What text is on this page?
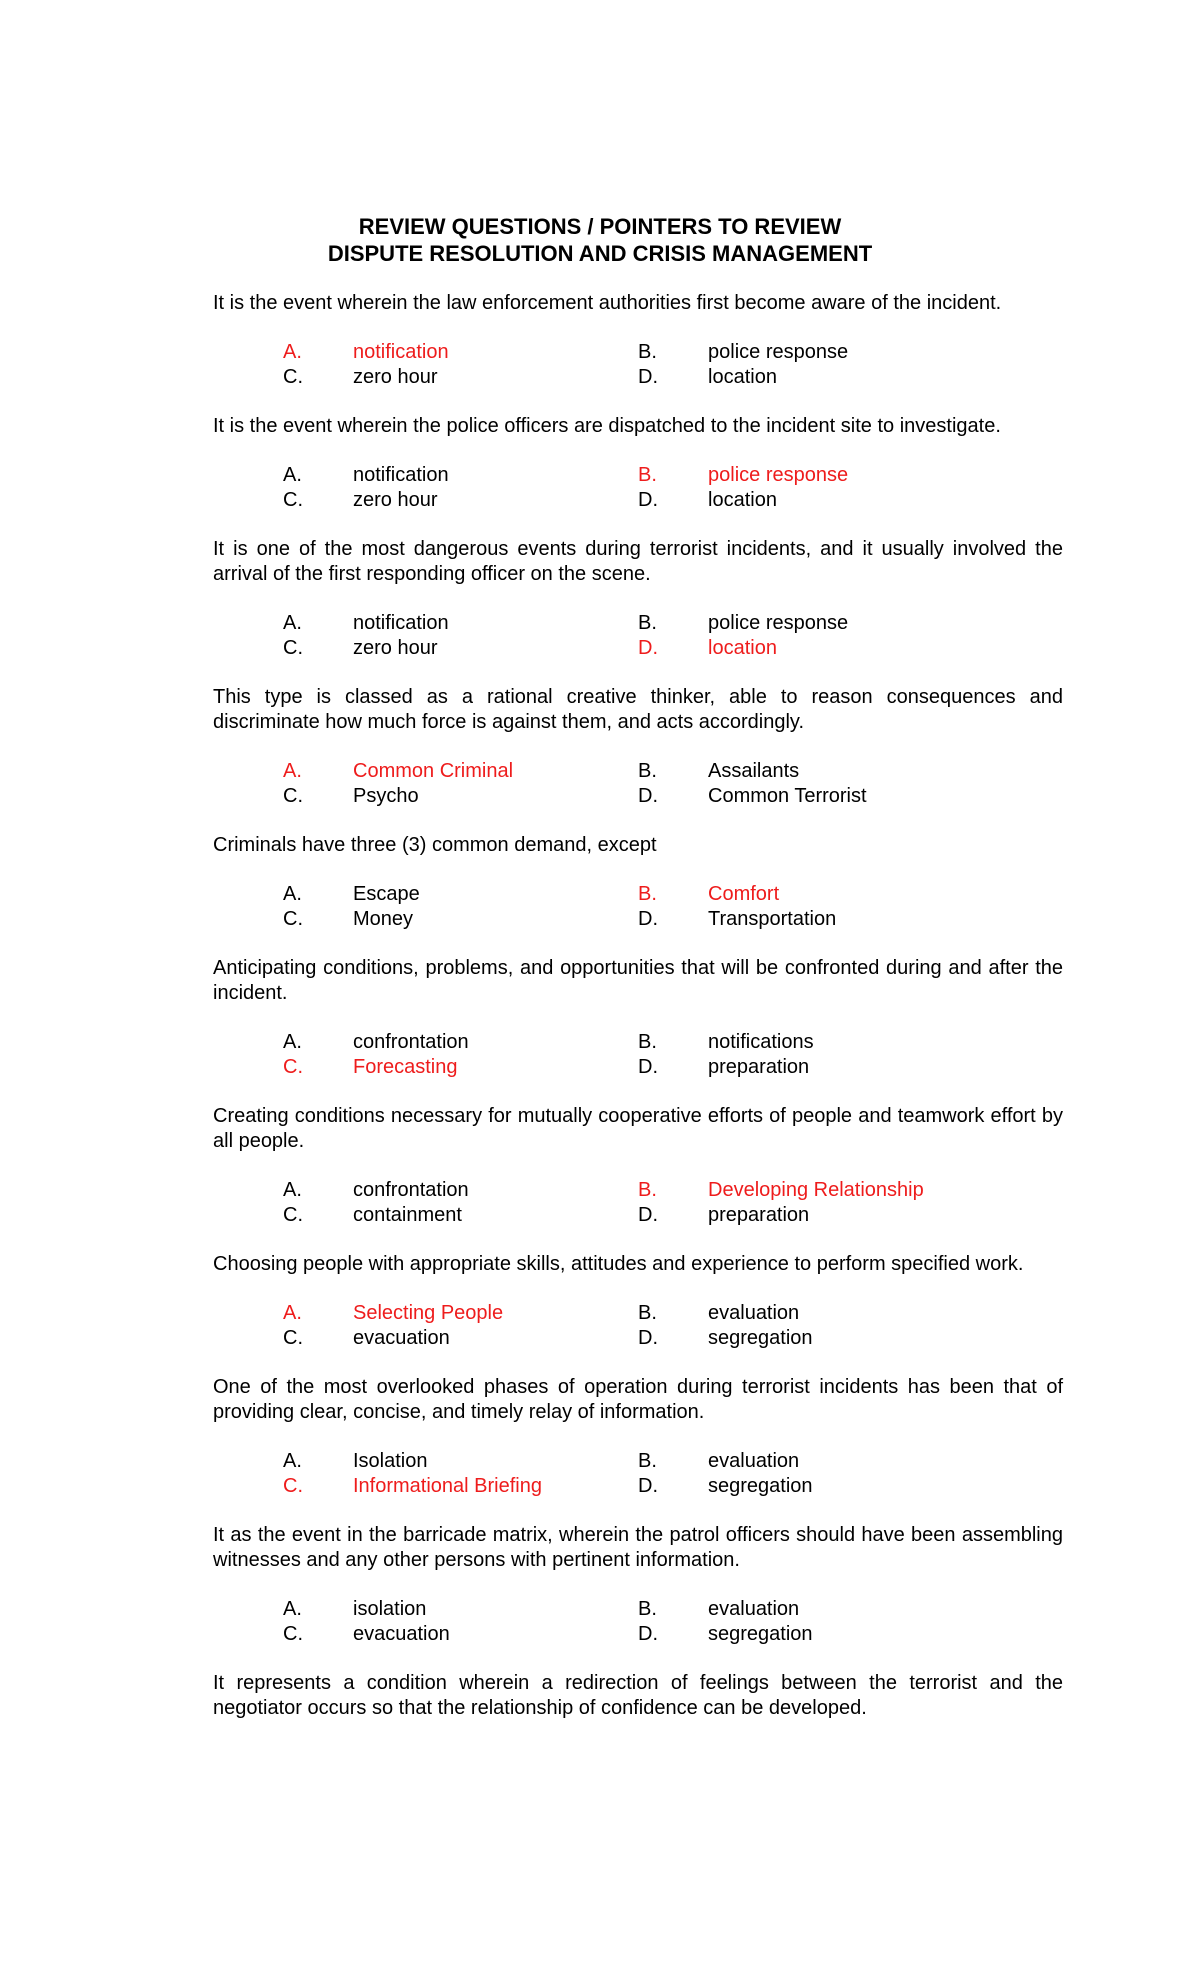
REVIEW QUESTIONS / POINTERS TO REVIEW

DISPUTE RESOLUTION AND CRISIS MANAGEMENT

It is the event wherein the law enforcement authorities first become aware of the incident.

A.	notification	B.	police response
C.	zero hour	D.	location

It is the event wherein the police officers are dispatched to the incident site to investigate.

A.	notification	B.	police response
C.	zero hour	D.	location

It is one of the most dangerous events during terrorist incidents, and it usually involved the arrival of the first responding officer on the scene.

A.	notification	B.	police response
C.	zero hour	D.	location

This type is classed as a rational creative thinker, able to reason consequences and discriminate how much force is against them, and acts accordingly.

A.	Common Criminal	B.	Assailants
C.	Psycho	D.	Common Terrorist

Criminals have three (3) common demand, except

A.	Escape	B.	Comfort
C.	Money	D.	Transportation

Anticipating conditions, problems, and opportunities that will be confronted during and after the incident.

A.	confrontation	B.	notifications
C.	Forecasting	D.	preparation

Creating conditions necessary for mutually cooperative efforts of people and teamwork effort by all people.

A.	confrontation	B.	Developing Relationship
C.	containment	D.	preparation

Choosing people with appropriate skills, attitudes and experience to perform specified work.

A.	Selecting People	B.	evaluation
C.	evacuation	D.	segregation

One of the most overlooked phases of operation during terrorist incidents has been that of providing clear, concise, and timely relay of information.

A.	Isolation	B.	evaluation
C.	Informational Briefing	D.	segregation

It as the event in the barricade matrix, wherein the patrol officers should have been assembling witnesses and any other persons with pertinent information.

A.	isolation	B.	evaluation
C.	evacuation	D.	segregation

It represents a condition wherein a redirection of feelings between the terrorist and the negotiator occurs so that the relationship of confidence can be developed.
